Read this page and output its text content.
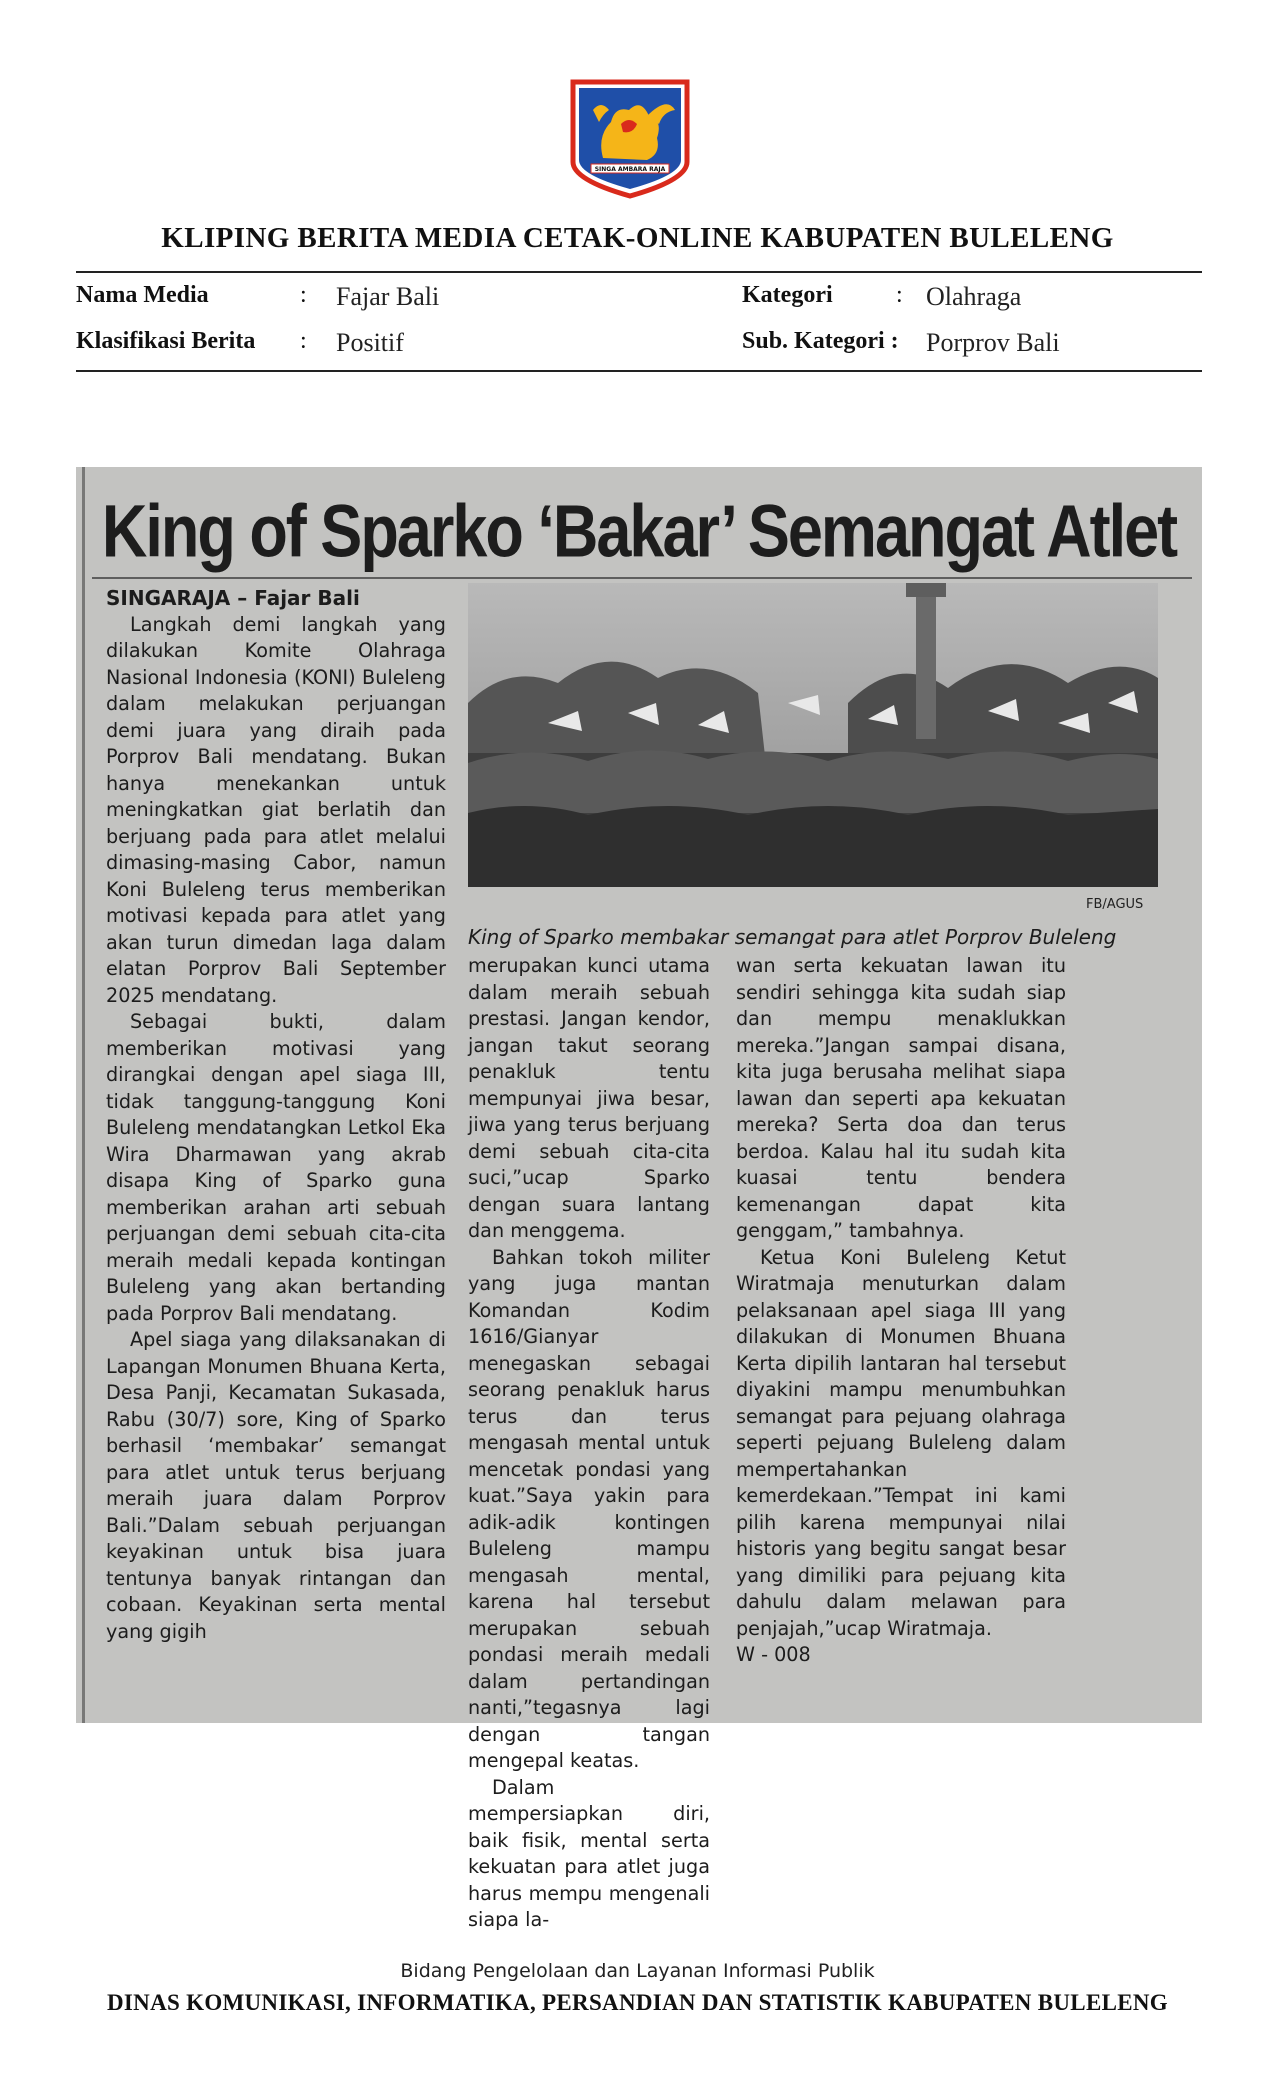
SINGA AMBARA RAJA
KLIPING BERITA MEDIA CETAK-ONLINE KABUPATEN BULELENG
Nama Media	: Fajar Bali	Kategori	: Olahraga
Klasifikasi Berita : Positif	Sub. Kategori : Porprov Bali
King of Sparko ‘Bakar’ Semangat Atlet

SINGARAJA – Fajar Bali

Langkah demi langkah yang dilakukan Komite Olahraga Nasional Indonesia (KONI) Buleleng dalam melakukan perjuangan demi juara yang diraih pada Porprov Bali mendatang. Bukan hanya menekankan untuk meningkatkan giat berlatih dan berjuang pada para atlet melalui dimasing-masing Cabor, namun Koni Buleleng terus memberikan motivasi kepada para atlet yang akan turun dimedan laga dalam elatan Porprov Bali September 2025 mendatang.

Sebagai bukti, dalam memberikan motivasi yang dirangkai dengan apel siaga III, tidak tanggung-tanggung Koni Buleleng mendatangkan Letkol Eka Wira Dharmawan yang akrab disapa King of Sparko guna memberikan arahan arti sebuah perjuangan demi sebuah cita-cita meraih medali kepada kontingan Buleleng yang akan bertanding pada Porprov Bali mendatang.

Apel siaga yang dilaksanakan di Lapangan Monumen Bhuana Kerta, Desa Panji, Kecamatan Sukasada, Rabu (30/7) sore, King of Sparko berhasil ‘membakar’ semangat para atlet untuk terus berjuang meraih juara dalam Porprov Bali.”Dalam sebuah perjuangan keyakinan untuk bisa juara tentunya banyak rintangan dan cobaan. Keyakinan serta mental yang gigih

FB/AGUS
King of Sparko membakar semangat para atlet Porprov Buleleng

merupakan kunci utama dalam meraih sebuah prestasi. Jangan kendor, jangan takut seorang penakluk tentu mempunyai jiwa besar, jiwa yang terus berjuang demi sebuah cita-cita suci,”ucap Sparko dengan suara lantang dan menggema.

Bahkan tokoh militer yang juga mantan Komandan Kodim 1616/Gianyar menegaskan sebagai seorang penakluk harus terus dan terus mengasah mental untuk mencetak pondasi yang kuat.”Saya yakin para adik-adik kontingen Buleleng mampu mengasah mental, karena hal tersebut merupakan sebuah pondasi meraih medali dalam pertandingan nanti,”tegasnya lagi dengan tangan mengepal keatas.

Dalam mempersiapkan diri, baik fisik, mental serta kekuatan para atlet juga harus mempu mengenali siapa la-

wan serta kekuatan lawan itu sendiri sehingga kita sudah siap dan mempu menaklukkan mereka.”Jangan sampai disana, kita juga berusaha melihat siapa lawan dan seperti apa kekuatan mereka? Serta doa dan terus berdoa. Kalau hal itu sudah kita kuasai tentu bendera kemenangan dapat kita genggam,” tambahnya.

Ketua Koni Buleleng Ketut Wiratmaja menuturkan dalam pelaksanaan apel siaga III yang dilakukan di Monumen Bhuana Kerta dipilih lantaran hal tersebut diyakini mampu menumbuhkan semangat para pejuang olahraga seperti pejuang Buleleng dalam mempertahankan kemerdekaan.”Tempat ini kami pilih karena mempunyai nilai historis yang begitu sangat besar yang dimiliki para pejuang kita dahulu dalam melawan para penjajah,”ucap Wiratmaja.

W - 008

Bidang Pengelolaan dan Layanan Informasi Publik
DINAS KOMUNIKASI, INFORMATIKA, PERSANDIAN DAN STATISTIK KABUPATEN BULELENG
